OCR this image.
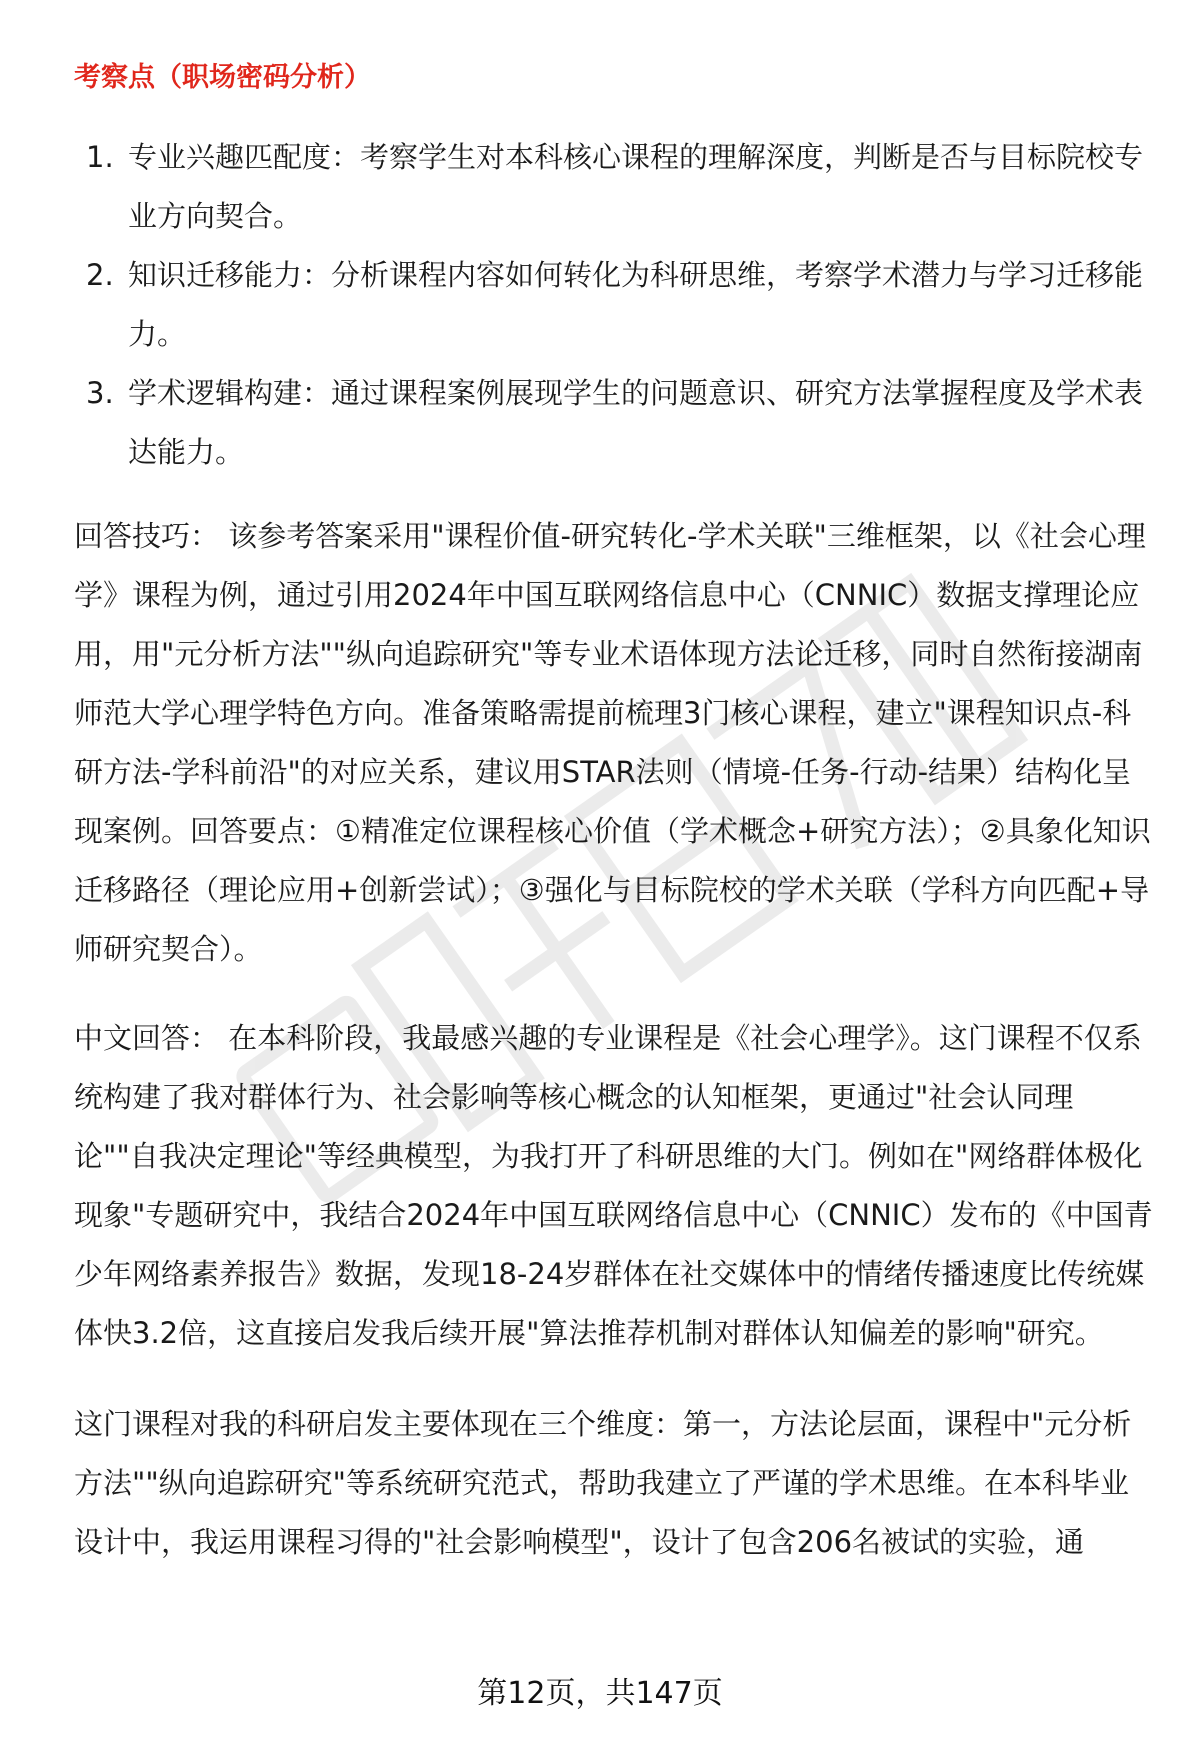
考察点（职场密码分析）
1. 专业兴趣匹配度：考察学生对本科核心课程的理解深度，判断是否与目标院校专业方向契合。
2. 知识迁移能力：分析课程内容如何转化为科研思维，考察学术潜力与学习迁移能力。
3. 学术逻辑构建：通过课程案例展现学生的问题意识、研究方法掌握程度及学术表达能力。

回答技巧： 该参考答案采用"课程价值-研究转化-学术关联"三维框架，以《社会心理学》课程为例，通过引用2024年中国互联网络信息中心（CNNIC）数据支撑理论应用，用"元分析方法""纵向追踪研究"等专业术语体现方法论迁移，同时自然衔接湖南师范大学心理学特色方向。准备策略需提前梳理3门核心课程，建立"课程知识点-科研方法-学科前沿"的对应关系，建议用STAR法则（情境-任务-行动-结果）结构化呈现案例。回答要点：①精准定位课程核心价值（学术概念+研究方法）；②具象化知识迁移路径（理论应用+创新尝试）；③强化与目标院校的学术关联（学科方向匹配+导师研究契合）。

中文回答： 在本科阶段，我最感兴趣的专业课程是《社会心理学》。这门课程不仅系统构建了我对群体行为、社会影响等核心概念的认知框架，更通过"社会认同理论""自我决定理论"等经典模型，为我打开了科研思维的大门。例如在"网络群体极化现象"专题研究中，我结合2024年中国互联网络信息中心（CNNIC）发布的《中国青少年网络素养报告》数据，发现18-24岁群体在社交媒体中的情绪传播速度比传统媒体快3.2倍，这直接启发我后续开展"算法推荐机制对群体认知偏差的影响"研究。

这门课程对我的科研启发主要体现在三个维度：第一，方法论层面，课程中"元分析方法""纵向追踪研究"等系统研究范式，帮助我建立了严谨的学术思维。在本科毕业设计中，我运用课程习得的"社会影响模型"，设计了包含206名被试的实验，通

第12页，共147页
